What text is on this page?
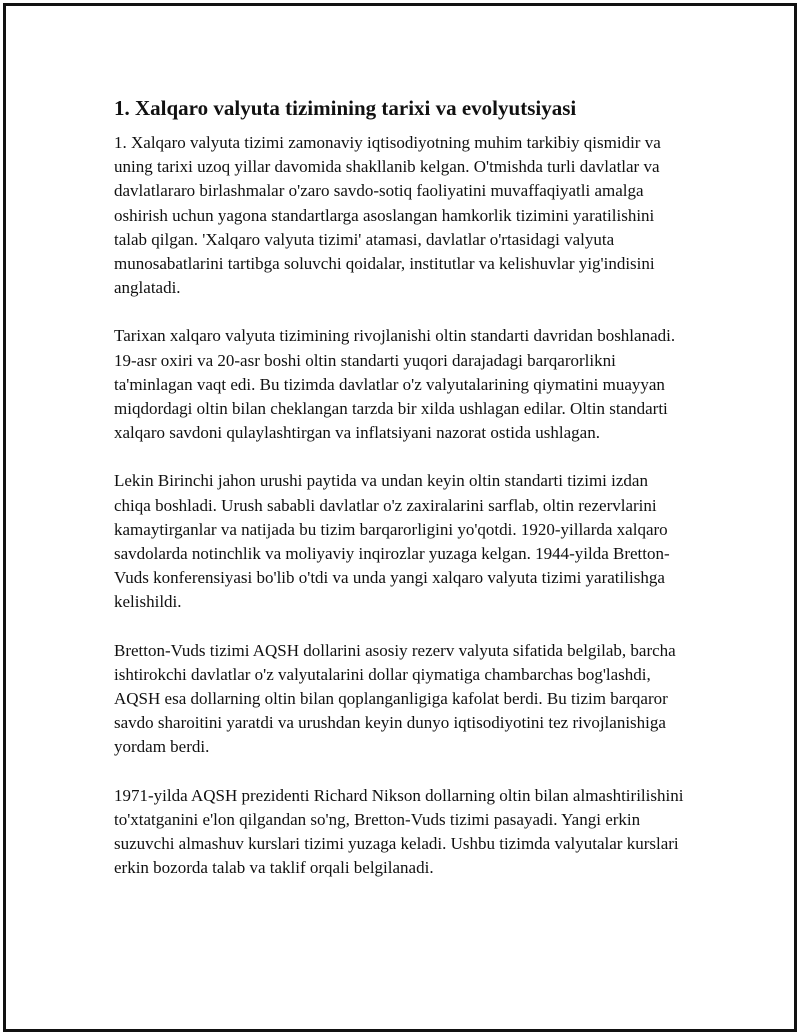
1. Xalqaro valyuta tizimining tarixi va evolyutsiyasi

1. Xalqaro valyuta tizimi zamonaviy iqtisodiyotning muhim tarkibiy qismidir va uning tarixi uzoq yillar davomida shakllanib kelgan. O'tmishda turli davlatlar va davlatlararo birlashmalar o'zaro savdo-sotiq faoliyatini muvaffaqiyatli amalga oshirish uchun yagona standartlarga asoslangan hamkorlik tizimini yaratilishini talab qilgan. 'Xalqaro valyuta tizimi' atamasi, davlatlar o'rtasidagi valyuta munosabatlarini tartibga soluvchi qoidalar, institutlar va kelishuvlar yig'indisini anglatadi.

Tarixan xalqaro valyuta tizimining rivojlanishi oltin standarti davridan boshlanadi. 19-asr oxiri va 20-asr boshi oltin standarti yuqori darajadagi barqarorlikni ta'minlagan vaqt edi. Bu tizimda davlatlar o'z valyutalarining qiymatini muayyan miqdordagi oltin bilan cheklangan tarzda bir xilda ushlagan edilar. Oltin standarti xalqaro savdoni qulaylashtirgan va inflatsiyani nazorat ostida ushlagan.

Lekin Birinchi jahon urushi paytida va undan keyin oltin standarti tizimi izdan chiqa boshladi. Urush sababli davlatlar o'z zaxiralarini sarflab, oltin rezervlarini kamaytirganlar va natijada bu tizim barqarorligini yo'qotdi. 1920-yillarda xalqaro savdolarda notinchlik va moliyaviy inqirozlar yuzaga kelgan. 1944-yilda Bretton-Vuds konferensiyasi bo'lib o'tdi va unda yangi xalqaro valyuta tizimi yaratilishga kelishildi.

Bretton-Vuds tizimi AQSH dollarini asosiy rezerv valyuta sifatida belgilab, barcha ishtirokchi davlatlar o'z valyutalarini dollar qiymatiga chambarchas bog'lashdi, AQSH esa dollarning oltin bilan qoplanganligiga kafolat berdi. Bu tizim barqaror savdo sharoitini yaratdi va urushdan keyin dunyo iqtisodiyotini tez rivojlanishiga yordam berdi.

1971-yilda AQSH prezidenti Richard Nikson dollarning oltin bilan almashtirilishini to'xtatganini e'lon qilgandan so'ng, Bretton-Vuds tizimi pasayadi. Yangi erkin suzuvchi almashuv kurslari tizimi yuzaga keladi. Ushbu tizimda valyutalar kurslari erkin bozorda talab va taklif orqali belgilanadi.
